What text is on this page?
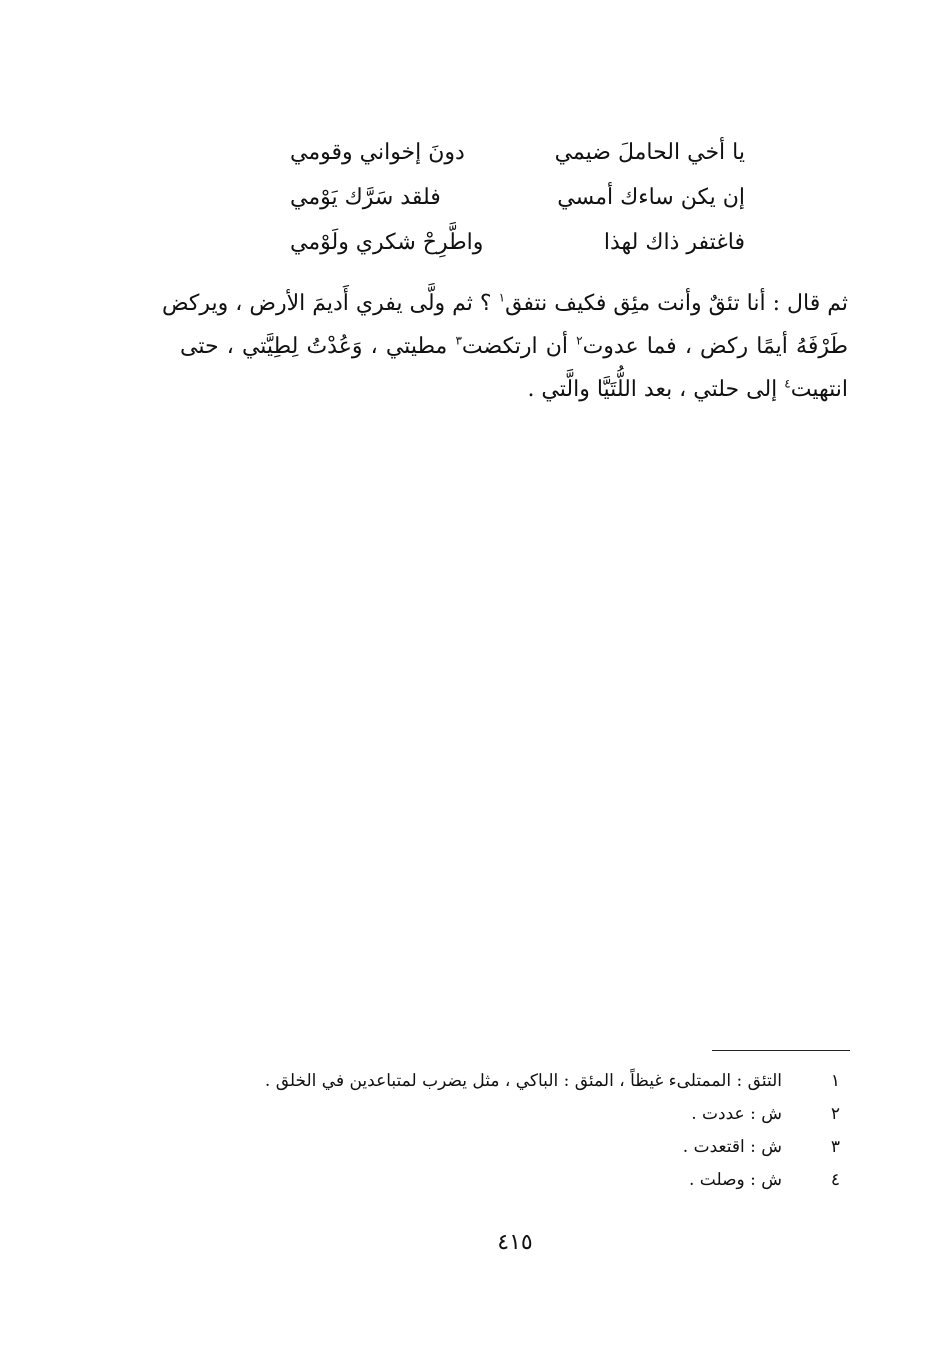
يا أخي الحاملَ ضيمي
دونَ إخواني وقومي
إن يكن ساءك أمسي
فلقد سَرَّك يَوْمي
فاغتفر ذاك لهذا
واطَّرِحْ شكري ولَوْمي

ثم قال : أنا تئقٌ وأنت مئِق فكيف نتفق$^١$ ؟ ثم ولَّى يفري أَديمَ الأرض ، ويركض
طَرْفَهُ أيمًا ركض ، فما عدوت$^٢$ أن ارتكضت$^٣$ مطيتي ، وَعُدْتُ لِطِيَّتي ، حتى
انتهيت$^٤$ إلى حلتي ، بعد اللُّتَيَّا والَّتي .

١
التئق : الممتلىء غيظاً ، المئق : الباكي ، مثل يضرب لمتباعدين في الخلق .
٢
ش : عددت .
٣
ش : اقتعدت .
٤
ش : وصلت .
٤١٥
